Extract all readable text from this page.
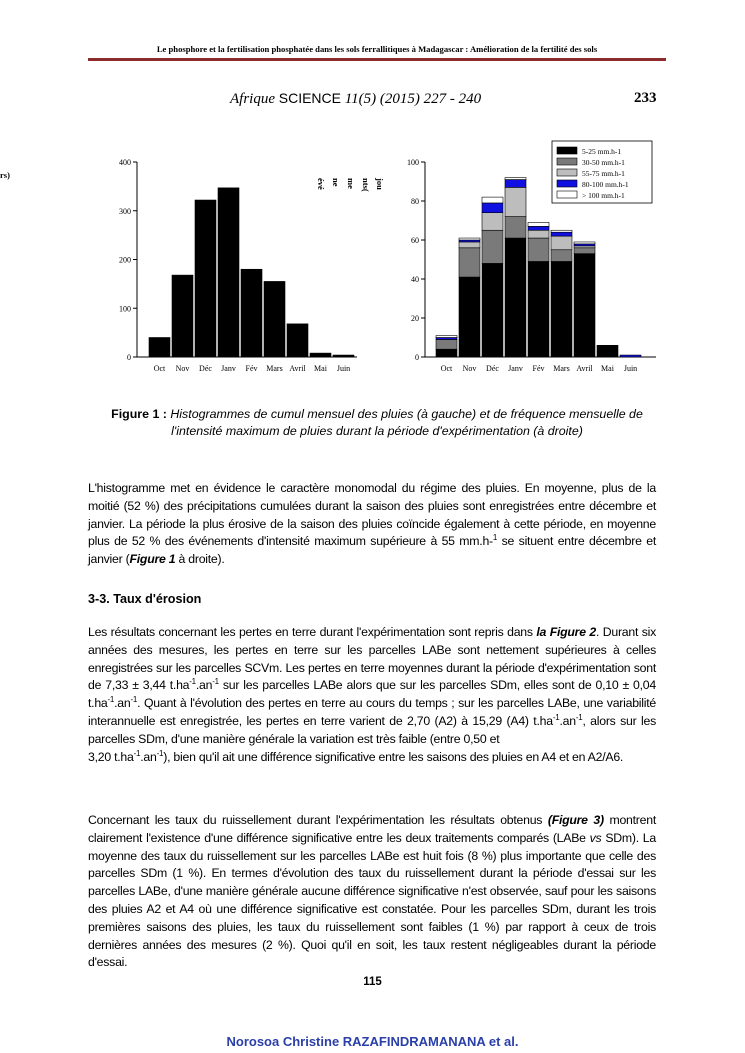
Le phosphore et la fertilisation phosphatée dans les sols ferrallitiques à Madagascar : Amélioration de la fertilité des sols
Afrique SCIENCE 11(5) (2015) 227 - 240	233
0
100
200
300
400
Oct Nov Déc Janv Fév Mars Avril Mai Juin
évé ne me nts( jou
rs)
0
20
40
60
80
100
Oct Nov Déc Janv Fév Mars Avril Mai Juin
5-25 mm.h-1
30-50 mm.h-1
55-75 mm.h-1
80-100 mm.h-1
> 100 mm.h-1
Figure 1 : Histogrammes de cumul mensuel des pluies (à gauche) et de fréquence mensuelle de l'intensité maximum de pluies durant la période d'expérimentation (à droite)

L'histogramme met en évidence le caractère monomodal du régime des pluies. En moyenne, plus de la moitié (52 %) des précipitations cumulées durant la saison des pluies sont enregistrées entre décembre et janvier. La période la plus érosive de la saison des pluies coïncide également à cette période, en moyenne plus de 52 % des événements d'intensité maximum supérieure à 55 mm.h-$^1$ se situent entre décembre et janvier (Figure 1 à droite).

3-3. Taux d'érosion

Les résultats concernant les pertes en terre durant l'expérimentation sont repris dans la Figure 2. Durant six années des mesures, les pertes en terre sur les parcelles LABe sont nettement supérieures à celles enregistrées sur les parcelles SCVm. Les pertes en terre moyennes durant la période d'expérimentation sont de 7,33 ± 3,44 $t.ha^{-1}.an^{-1}$ sur les parcelles LABe alors que sur les parcelles SDm, elles sont de 0,10 ± 0,04 $t.ha^{-1}.an^{-1}$. Quant à l'évolution des pertes en terre au cours du temps ; sur les parcelles LABe, une variabilité interannuelle est enregistrée, les pertes en terre varient de 2,70 (A2) à 15,29 (A4) $t.ha^{-1}.an^{-1}$, alors sur les parcelles SDm, d'une manière générale la variation est très faible (entre 0,50 et
3,20 $t.ha^{-1}.an^{-1}$), bien qu'il ait une différence significative entre les saisons des pluies en A4 et en A2/A6.

Concernant les taux du ruissellement durant l'expérimentation les résultats obtenus (Figure 3) montrent clairement l'existence d'une différence significative entre les deux traitements comparés (LABe vs SDm). La moyenne des taux du ruissellement sur les parcelles LABe est huit fois (8 %) plus importante que celle des parcelles SDm (1 %). En termes d'évolution des taux du ruissellement durant la période d'essai sur les parcelles LABe, d'une manière générale aucune différence significative n'est observée, sauf pour les saisons des pluies A2 et A4 où une différence significative est constatée. Pour les parcelles SDm, durant les trois premières saisons des pluies, les taux du ruissellement sont faibles (1 %) par rapport à ceux de trois dernières années des mesures (2 %). Quoi qu'il en soit, les taux restent négligeables durant la période d'essai.

115
Norosoa Christine RAZAFINDRAMANANA et al.
